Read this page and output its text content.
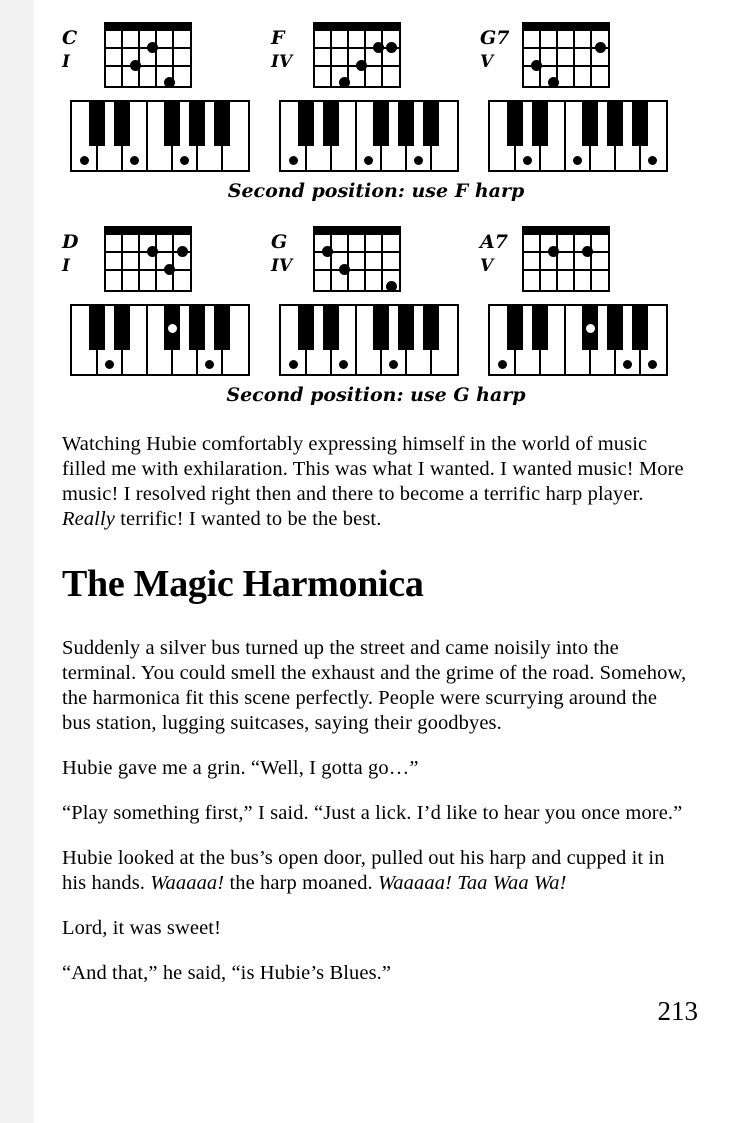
C
I
F
IV
G7
V
Second position: use F harp
D
I
G
IV
A7
V
Second position: use G harp

Watching Hubie comfortably expressing himself in the world of music filled me with exhilaration. This was what I wanted. I wanted music! More music! I resolved right then and there to become a terrific harp player. Really terrific! I wanted to be the best.

The Magic Harmonica

Suddenly a silver bus turned up the street and came noisily into the terminal. You could smell the exhaust and the grime of the road. Somehow, the harmonica fit this scene perfectly. People were scurrying around the bus station, lugging suitcases, saying their goodbyes.

Hubie gave me a grin. “Well, I gotta go…”

“Play something first,” I said. “Just a lick. I’d like to hear you once more.”

Hubie looked at the bus’s open door, pulled out his harp and cupped it in his hands. Waaaaa! the harp moaned. Waaaaa! Taa Waa Wa!

Lord, it was sweet!

“And that,” he said, “is Hubie’s Blues.”

213
